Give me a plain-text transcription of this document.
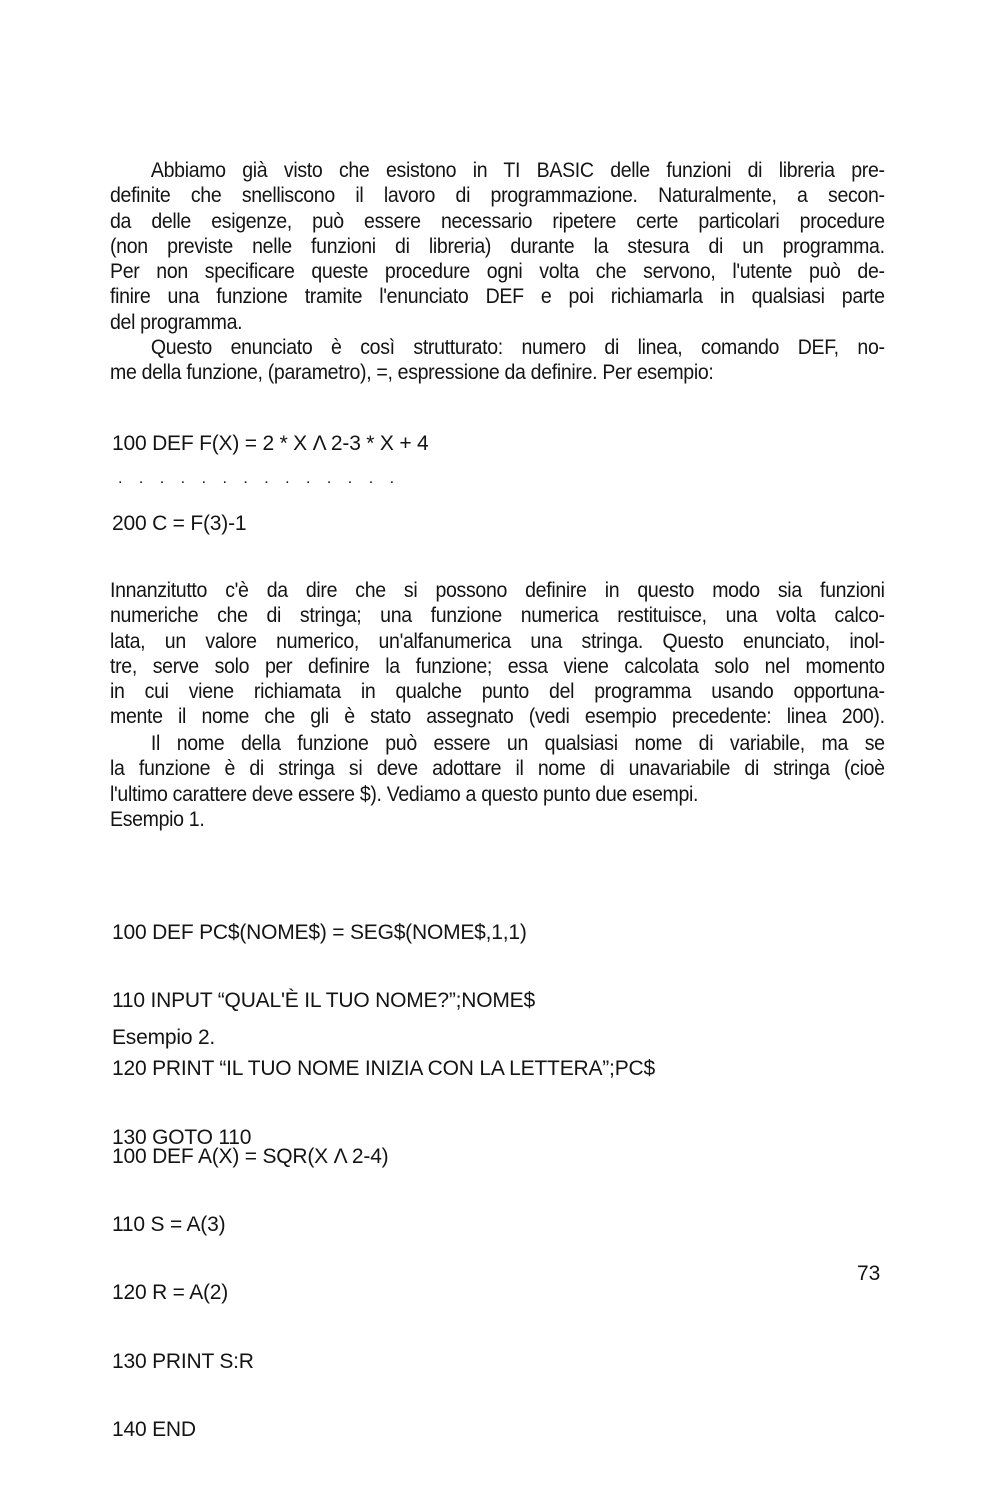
Abbiamo già visto che esistono in TI BASIC delle funzioni di libreria pre-
definite che snelliscono il lavoro di programmazione. Naturalmente, a secon-
da delle esigenze, può essere necessario ripetere certe particolari procedure
(non previste nelle funzioni di libreria) durante la stesura di un programma.
Per non specificare queste procedure ogni volta che servono, l'utente può de-
finire una funzione tramite l'enunciato DEF e poi richiamarla in qualsiasi parte
del programma.
Questo enunciato è così strutturato: numero di linea, comando DEF, no-
me della funzione, (parametro), =, espressione da definire. Per esempio:
100 DEF F(X) = 2 * X Λ 2-3 * X + 4
. . . . . . . . . . . . . .
200 C = F(3)-1
Innanzitutto c'è da dire che si possono definire in questo modo sia funzioni
numeriche che di stringa; una funzione numerica restituisce, una volta calco-
lata, un valore numerico, un'alfanumerica una stringa. Questo enunciato, inol-
tre, serve solo per definire la funzione; essa viene calcolata solo nel momento
in cui viene richiamata in qualche punto del programma usando opportuna-
mente il nome che gli è stato assegnato (vedi esempio precedente: linea 200).
Il nome della funzione può essere un qualsiasi nome di variabile, ma se
la funzione è di stringa si deve adottare il nome di unavariabile di stringa (cioè
l'ultimo carattere deve essere $). Vediamo a questo punto due esempi.
Esempio 1.

100 DEF PC$(NOME$) = SEG$(NOME$,1,1)

110 INPUT “QUAL'È IL TUO NOME?”;NOME$

120 PRINT “IL TUO NOME INIZIA CON LA LETTERA”;PC$

130 GOTO 110

Esempio 2.

100 DEF A(X) = SQR(X Λ 2-4)

110 S = A(3)

120 R = A(2)

130 PRINT S:R

140 END

73
